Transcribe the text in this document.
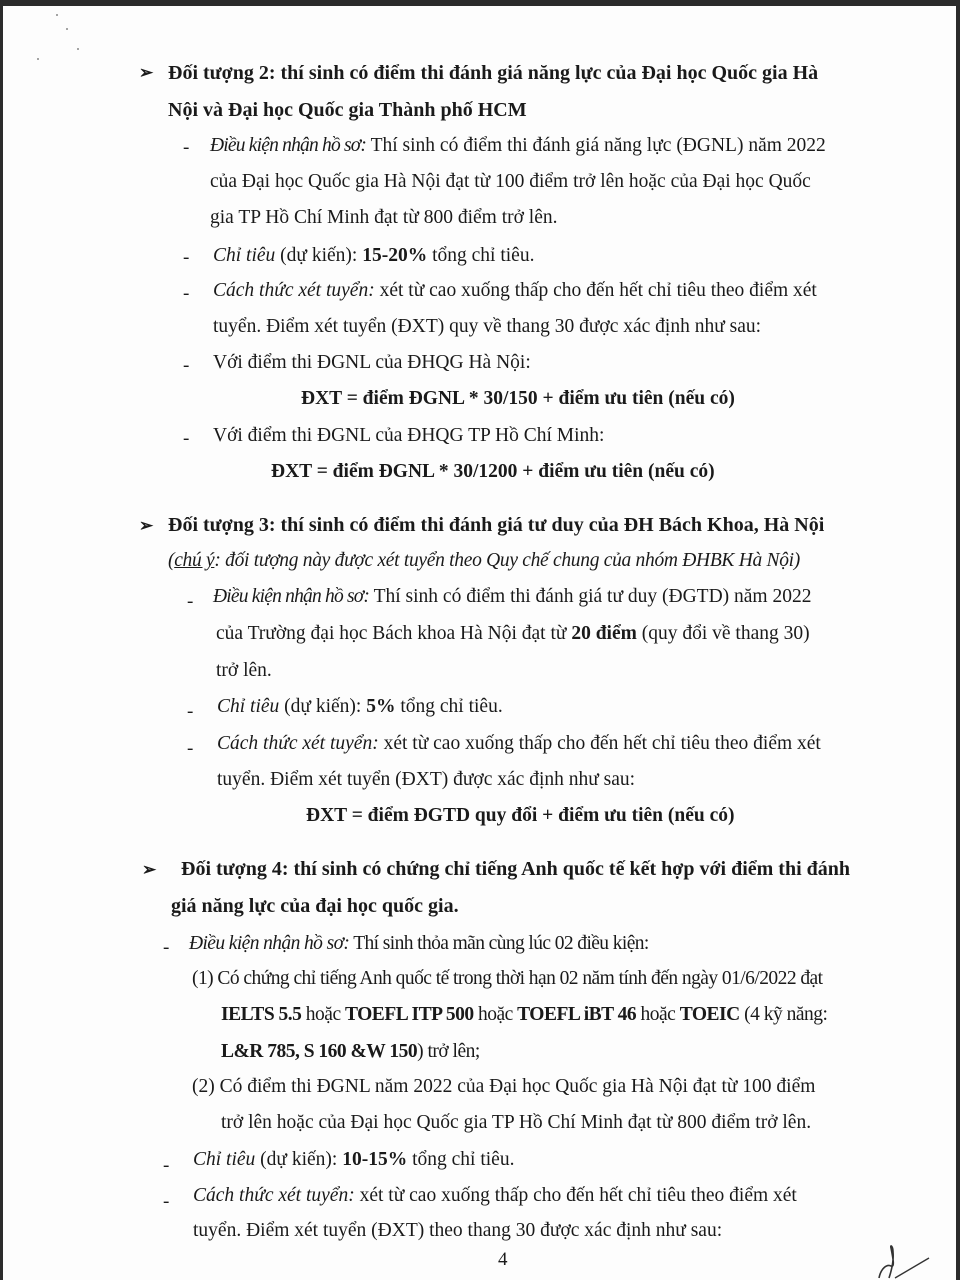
➢ Đối tượng 2: thí sinh có điểm thi đánh giá năng lực của Đại học Quốc gia Hà
Nội và Đại học Quốc gia Thành phố HCM
- Điều kiện nhận hồ sơ: Thí sinh có điểm thi đánh giá năng lực (ĐGNL) năm 2022
của Đại học Quốc gia Hà Nội đạt từ 100 điểm trở lên hoặc của Đại học Quốc
gia TP Hồ Chí Minh đạt từ 800 điểm trở lên.
- Chỉ tiêu (dự kiến): 15-20% tổng chỉ tiêu.
- Cách thức xét tuyển: xét từ cao xuống thấp cho đến hết chỉ tiêu theo điểm xét
tuyển. Điểm xét tuyển (ĐXT) quy về thang 30 được xác định như sau:
- Với điểm thi ĐGNL của ĐHQG Hà Nội:
ĐXT = điểm ĐGNL * 30/150 + điểm ưu tiên (nếu có)
- Với điểm thi ĐGNL của ĐHQG TP Hồ Chí Minh:
ĐXT = điểm ĐGNL * 30/1200 + điểm ưu tiên (nếu có)
➢ Đối tượng 3: thí sinh có điểm thi đánh giá tư duy của ĐH Bách Khoa, Hà Nội
(chú ý: đối tượng này được xét tuyển theo Quy chế chung của nhóm ĐHBK Hà Nội)
- Điều kiện nhận hồ sơ: Thí sinh có điểm thi đánh giá tư duy (ĐGTD) năm 2022
của Trường đại học Bách khoa Hà Nội đạt từ 20 điểm (quy đổi về thang 30)
trở lên.
- Chỉ tiêu (dự kiến): 5% tổng chỉ tiêu.
- Cách thức xét tuyển: xét từ cao xuống thấp cho đến hết chỉ tiêu theo điểm xét
tuyển. Điểm xét tuyển (ĐXT) được xác định như sau:
ĐXT = điểm ĐGTD quy đổi + điểm ưu tiên (nếu có)
➢ Đối tượng 4: thí sinh có chứng chỉ tiếng Anh quốc tế kết hợp với điểm thi đánh
giá năng lực của đại học quốc gia.
- Điều kiện nhận hồ sơ: Thí sinh thỏa mãn cùng lúc 02 điều kiện:
(1) Có chứng chỉ tiếng Anh quốc tế trong thời hạn 02 năm tính đến ngày 01/6/2022 đạt
IELTS 5.5 hoặc TOEFL ITP 500 hoặc TOEFL iBT 46 hoặc TOEIC (4 kỹ năng:
L&R 785, S 160 &W 150) trở lên;
(2) Có điểm thi ĐGNL năm 2022 của Đại học Quốc gia Hà Nội đạt từ 100 điểm
trở lên hoặc của Đại học Quốc gia TP Hồ Chí Minh đạt từ 800 điểm trở lên.
- Chỉ tiêu (dự kiến): 10-15% tổng chỉ tiêu.
- Cách thức xét tuyển: xét từ cao xuống thấp cho đến hết chỉ tiêu theo điểm xét
tuyển. Điểm xét tuyển (ĐXT) theo thang 30 được xác định như sau:
4
